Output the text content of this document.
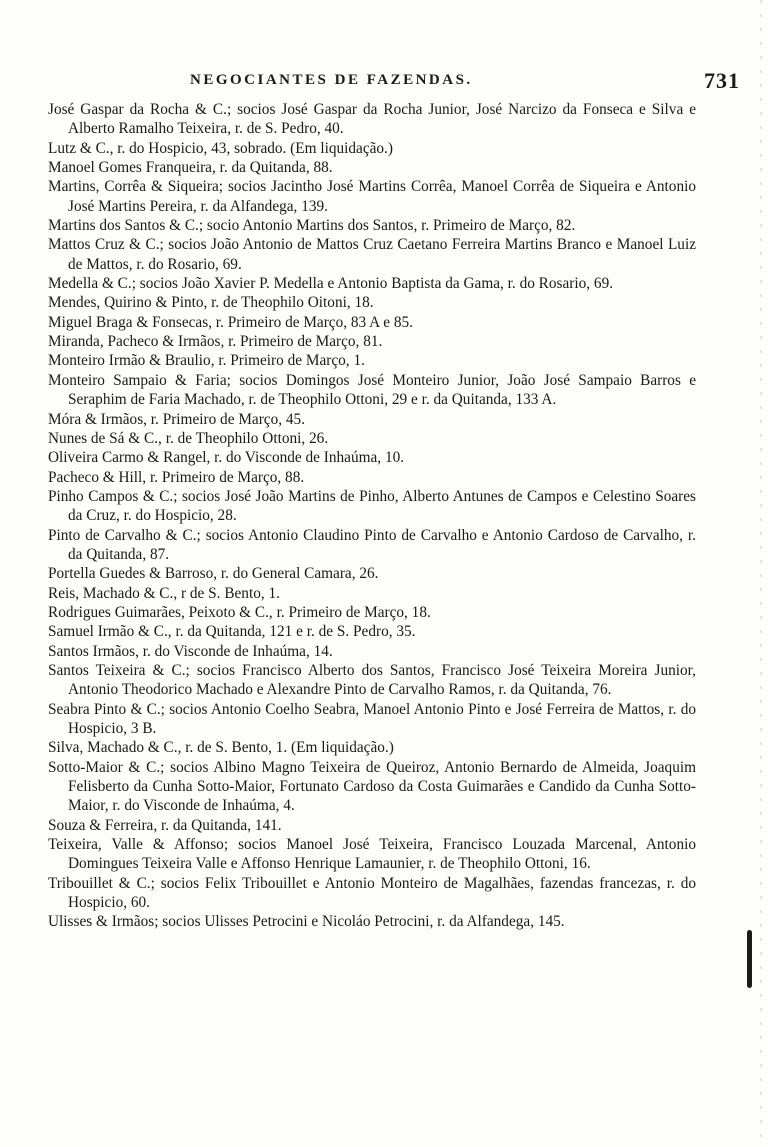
NEGOCIANTES DE FAZENDAS.	731

José Gaspar da Rocha & C.; socios José Gaspar da Rocha Junior, José Narcizo da Fonseca e Silva e Alberto Ramalho Teixeira, r. de S. Pedro, 40.

Lutz & C., r. do Hospicio, 43, sobrado. (Em liquidação.)

Manoel Gomes Franqueira, r. da Quitanda, 88.

Martins, Corrêa & Siqueira; socios Jacintho José Martins Corrêa, Manoel Corrêa de Siqueira e Antonio José Martins Pereira, r. da Alfandega, 139.

Martins dos Santos & C.; socio Antonio Martins dos Santos, r. Primeiro de Março, 82.

Mattos Cruz & C.; socios João Antonio de Mattos Cruz Caetano Ferreira Martins Branco e Manoel Luiz de Mattos, r. do Rosario, 69.

Medella & C.; socios João Xavier P. Medella e Antonio Baptista da Gama, r. do Rosario, 69.

Mendes, Quirino & Pinto, r. de Theophilo Oitoni, 18.

Miguel Braga & Fonsecas, r. Primeiro de Março, 83 A e 85.

Miranda, Pacheco & Irmãos, r. Primeiro de Março, 81.

Monteiro Irmão & Braulio, r. Primeiro de Março, 1.

Monteiro Sampaio & Faria; socios Domingos José Monteiro Junior, João José Sampaio Barros e Seraphim de Faria Machado, r. de Theophilo Ottoni, 29 e r. da Quitanda, 133 A.

Móra & Irmãos, r. Primeiro de Março, 45.

Nunes de Sá & C., r. de Theophilo Ottoni, 26.

Oliveira Carmo & Rangel, r. do Visconde de Inhaúma, 10.

Pacheco & Hill, r. Primeiro de Março, 88.

Pinho Campos & C.; socios José João Martins de Pinho, Alberto Antunes de Campos e Celestino Soares da Cruz, r. do Hospicio, 28.

Pinto de Carvalho & C.; socios Antonio Claudino Pinto de Carvalho e Antonio Cardoso de Carvalho, r. da Quitanda, 87.

Portella Guedes & Barroso, r. do General Camara, 26.

Reis, Machado & C., r de S. Bento, 1.

Rodrigues Guimarães, Peixoto & C., r. Primeiro de Março, 18.

Samuel Irmão & C., r. da Quitanda, 121 e r. de S. Pedro, 35.

Santos Irmãos, r. do Visconde de Inhaúma, 14.

Santos Teixeira & C.; socios Francisco Alberto dos Santos, Francisco José Teixeira Moreira Junior, Antonio Theodorico Machado e Alexandre Pinto de Carvalho Ramos, r. da Quitanda, 76.

Seabra Pinto & C.; socios Antonio Coelho Seabra, Manoel Antonio Pinto e José Ferreira de Mattos, r. do Hospicio, 3 B.

Silva, Machado & C., r. de S. Bento, 1. (Em liquidação.)

Sotto-Maior & C.; socios Albino Magno Teixeira de Queiroz, Antonio Bernardo de Almeida, Joaquim Felisberto da Cunha Sotto-Maior, Fortunato Cardoso da Costa Guimarães e Candido da Cunha Sotto-Maior, r. do Visconde de Inhaúma, 4.

Souza & Ferreira, r. da Quitanda, 141.

Teixeira, Valle & Affonso; socios Manoel José Teixeira, Francisco Louzada Marcenal, Antonio Domingues Teixeira Valle e Affonso Henrique Lamaunier, r. de Theophilo Ottoni, 16.

Tribouillet & C.; socios Felix Tribouillet e Antonio Monteiro de Magalhães, fazendas francezas, r. do Hospicio, 60.

Ulisses & Irmãos; socios Ulisses Petrocini e Nicoláo Petrocini, r. da Alfandega, 145.
